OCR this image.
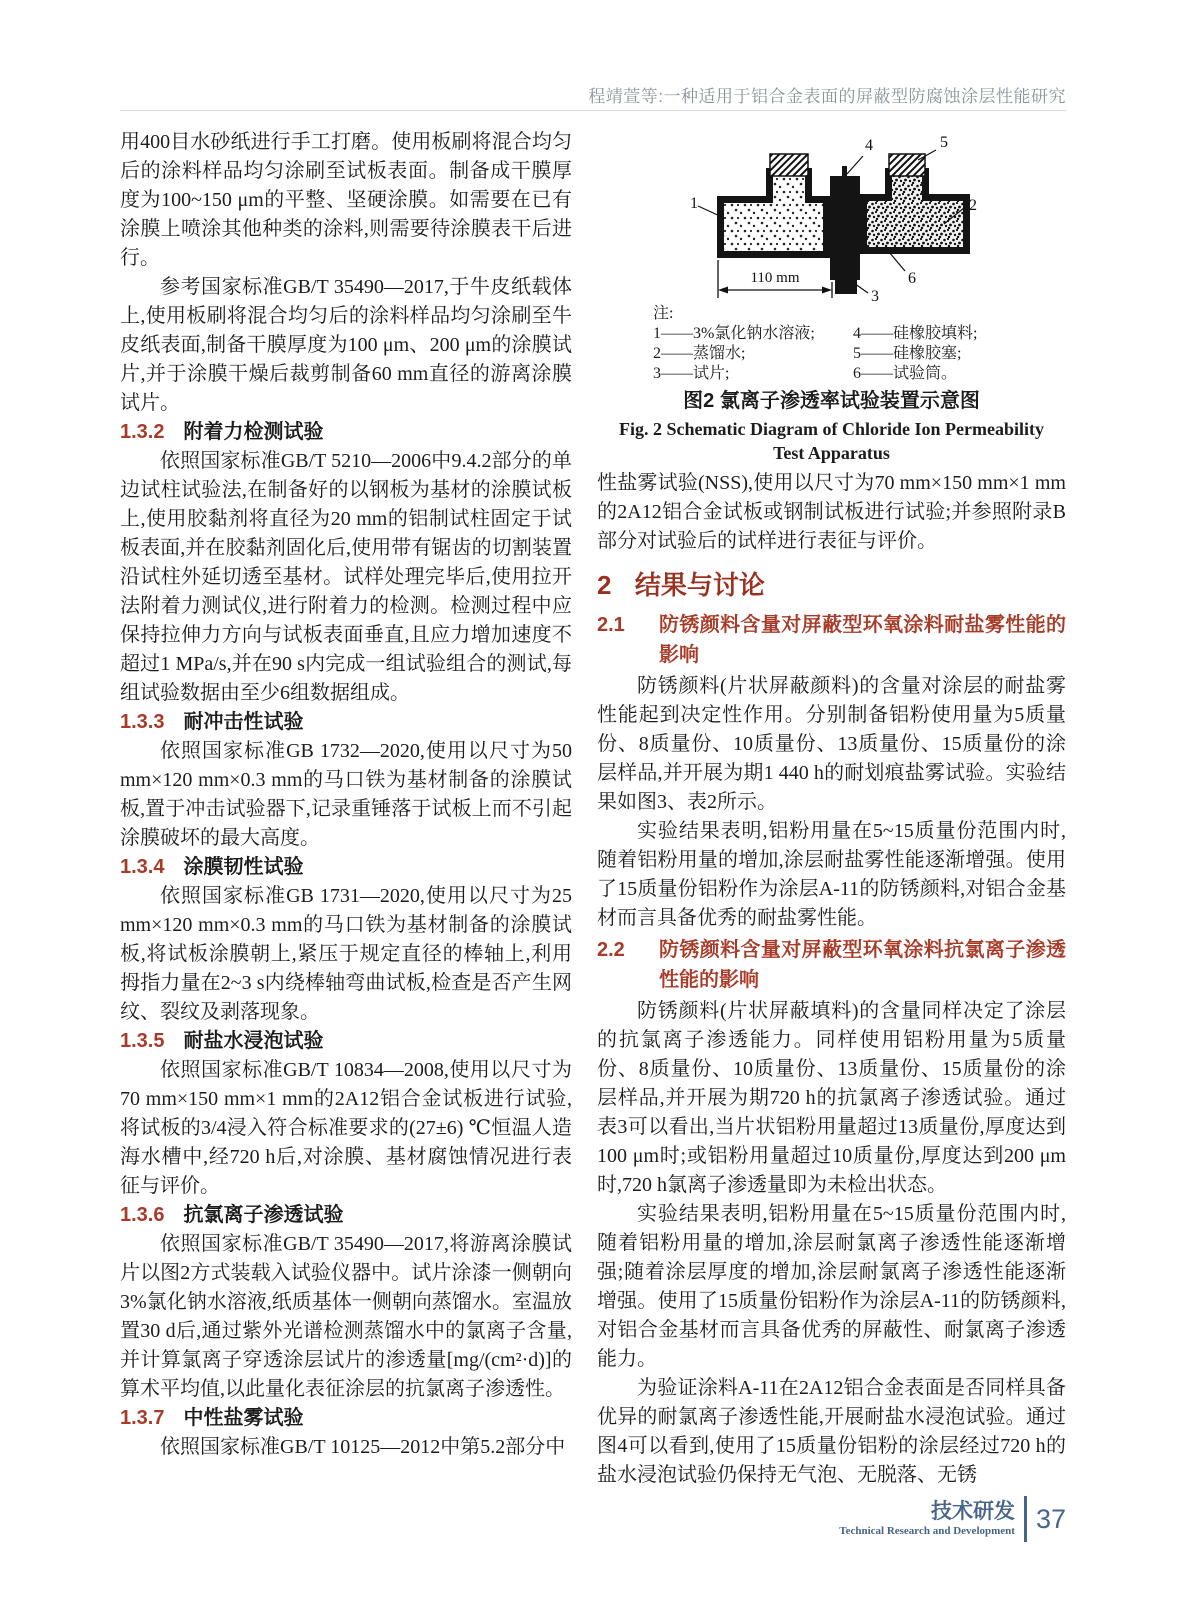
程靖萱等:一种适用于铝合金表面的屏蔽型防腐蚀涂层性能研究

用400目水砂纸进行手工打磨。使用板刷将混合均匀后的涂料样品均匀涂刷至试板表面。制备成干膜厚度为100~150 μm的平整、坚硬涂膜。如需要在已有涂膜上喷涂其他种类的涂料,则需要待涂膜表干后进行。

参考国家标准GB/T 35490—2017,于牛皮纸载体上,使用板刷将混合均匀后的涂料样品均匀涂刷至牛皮纸表面,制备干膜厚度为100 μm、200 μm的涂膜试片,并于涂膜干燥后裁剪制备60 mm直径的游离涂膜试片。

1.3.2 附着力检测试验

依照国家标准GB/T 5210—2006中9.4.2部分的单边试柱试验法,在制备好的以钢板为基材的涂膜试板上,使用胶黏剂将直径为20 mm的铝制试柱固定于试板表面,并在胶黏剂固化后,使用带有锯齿的切割装置沿试柱外延切透至基材。试样处理完毕后,使用拉开法附着力测试仪,进行附着力的检测。检测过程中应保持拉伸力方向与试板表面垂直,且应力增加速度不超过1 MPa/s,并在90 s内完成一组试验组合的测试,每组试验数据由至少6组数据组成。

1.3.3 耐冲击性试验

依照国家标准GB 1732—2020,使用以尺寸为50 mm×120 mm×0.3 mm的马口铁为基材制备的涂膜试板,置于冲击试验器下,记录重锤落于试板上而不引起涂膜破坏的最大高度。

1.3.4 涂膜韧性试验

依照国家标准GB 1731—2020,使用以尺寸为25 mm×120 mm×0.3 mm的马口铁为基材制备的涂膜试板,将试板涂膜朝上,紧压于规定直径的棒轴上,利用拇指力量在2~3 s内绕棒轴弯曲试板,检查是否产生网纹、裂纹及剥落现象。

1.3.5 耐盐水浸泡试验

依照国家标准GB/T 10834—2008,使用以尺寸为70 mm×150 mm×1 mm的2A12铝合金试板进行试验,将试板的3/4浸入符合标准要求的(27±6) ℃恒温人造海水槽中,经720 h后,对涂膜、基材腐蚀情况进行表征与评价。

1.3.6 抗氯离子渗透试验

依照国家标准GB/T 35490—2017,将游离涂膜试片以图2方式装载入试验仪器中。试片涂漆一侧朝向3%氯化钠水溶液,纸质基体一侧朝向蒸馏水。室温放置30 d后,通过紫外光谱检测蒸馏水中的氯离子含量,并计算氯离子穿透涂层试片的渗透量[mg/(cm²·d)]的算术平均值,以此量化表征涂层的抗氯离子渗透性。

1.3.7 中性盐雾试验

依照国家标准GB/T 10125—2012中第5.2部分中

110 mm
1	2
3
4	5
6
注:
1——3%氯化钠水溶液;	4——硅橡胶填料;
2——蒸馏水;	5——硅橡胶塞;
3——试片;	6——试验筒。
图2 氯离子渗透率试验装置示意图
Fig. 2 Schematic Diagram of Chloride Ion Permeability
Test Apparatus

性盐雾试验(NSS),使用以尺寸为70 mm×150 mm×1 mm的2A12铝合金试板或钢制试板进行试验;并参照附录B部分对试验后的试样进行表征与评价。

2 结果与讨论
2.1 防锈颜料含量对屏蔽型环氧涂料耐盐雾性能的影响

防锈颜料(片状屏蔽颜料)的含量对涂层的耐盐雾性能起到决定性作用。分别制备铝粉使用量为5质量份、8质量份、10质量份、13质量份、15质量份的涂层样品,并开展为期1 440 h的耐划痕盐雾试验。实验结果如图3、表2所示。

实验结果表明,铝粉用量在5~15质量份范围内时,随着铝粉用量的增加,涂层耐盐雾性能逐渐增强。使用了15质量份铝粉作为涂层A-11的防锈颜料,对铝合金基材而言具备优秀的耐盐雾性能。

2.2 防锈颜料含量对屏蔽型环氧涂料抗氯离子渗透性能的影响

防锈颜料(片状屏蔽填料)的含量同样决定了涂层的抗氯离子渗透能力。同样使用铝粉用量为5质量份、8质量份、10质量份、13质量份、15质量份的涂层样品,并开展为期720 h的抗氯离子渗透试验。通过表3可以看出,当片状铝粉用量超过13质量份,厚度达到100 μm时;或铝粉用量超过10质量份,厚度达到200 μm时,720 h氯离子渗透量即为未检出状态。

实验结果表明,铝粉用量在5~15质量份范围内时,随着铝粉用量的增加,涂层耐氯离子渗透性能逐渐增强;随着涂层厚度的增加,涂层耐氯离子渗透性能逐渐增强。使用了15质量份铝粉作为涂层A-11的防锈颜料,对铝合金基材而言具备优秀的屏蔽性、耐氯离子渗透能力。

为验证涂料A-11在2A12铝合金表面是否同样具备优异的耐氯离子渗透性能,开展耐盐水浸泡试验。通过图4可以看到,使用了15质量份铝粉的涂层经过720 h的盐水浸泡试验仍保持无气泡、无脱落、无锈

技术研发
Technical Research and Development 37
